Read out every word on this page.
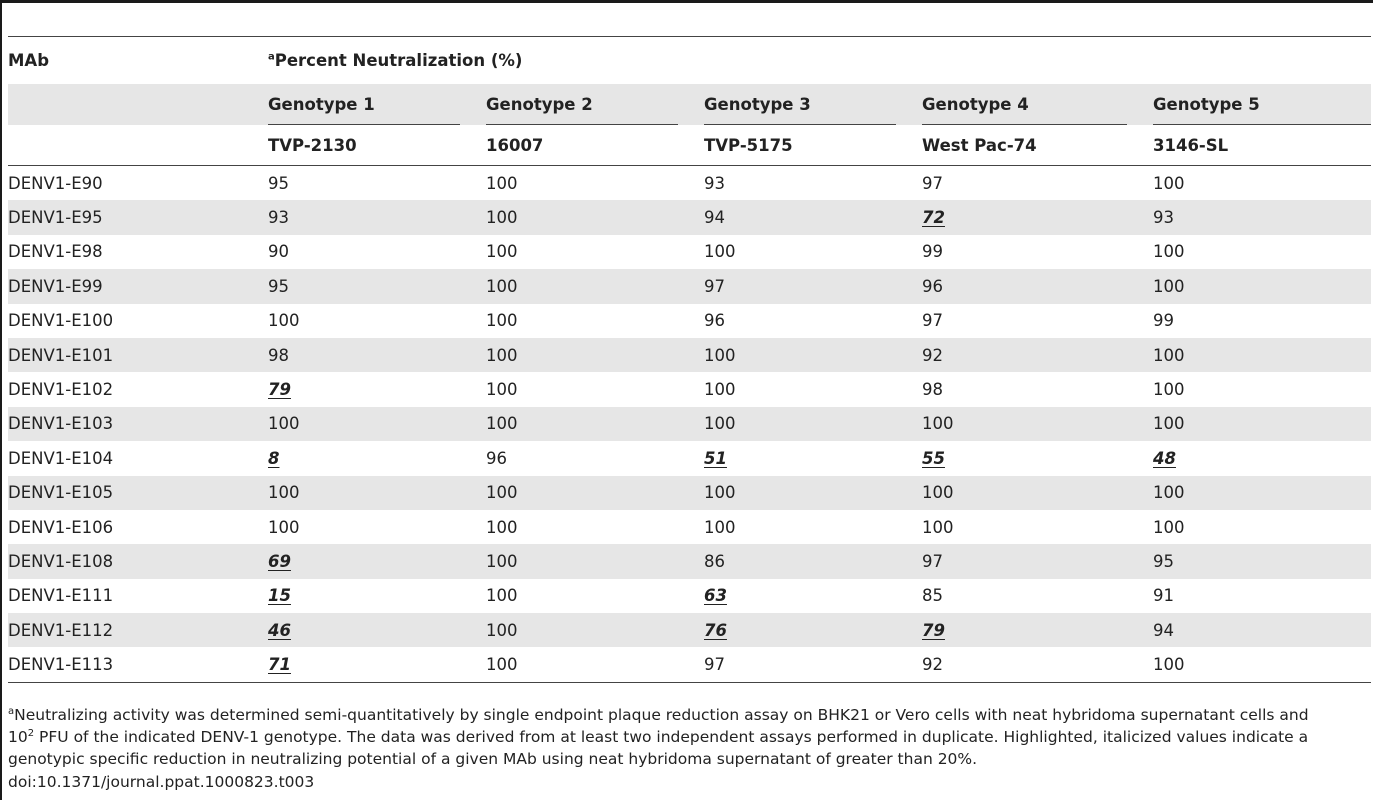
MAb	$^a$Percent Neutralization (%)				

	Genotype 1	Genotype 2	Genotype 3	Genotype 4	Genotype 5

	TVP-2130	16007	TVP-5175	West Pac-74	3146-SL
DENV1-E90	95	100	93	97	100
DENV1-E95	93	100	94	72	93
DENV1-E98	90	100	100	99	100
DENV1-E99	95	100	97	96	100
DENV1-E100	100	100	96	97	99
DENV1-E101	98	100	100	92	100
DENV1-E102	79	100	100	98	100
DENV1-E103	100	100	100	100	100
DENV1-E104	8	96	51	55	48
DENV1-E105	100	100	100	100	100
DENV1-E106	100	100	100	100	100
DENV1-E108	69	100	86	97	95
DENV1-E111	15	100	63	85	91
DENV1-E112	46	100	76	79	94
DENV1-E113	71	100	97	92	100
$^a$Neutralizing activity was determined semi-quantitatively by single endpoint plaque reduction assay on BHK21 or Vero cells with neat hybridoma supernatant cells and
$10^2$ PFU of the indicated DENV-1 genotype. The data was derived from at least two independent assays performed in duplicate. Highlighted, italicized values indicate a
genotypic specific reduction in neutralizing potential of a given MAb using neat hybridoma supernatant of greater than 20%.
doi:10.1371/journal.ppat.1000823.t003
